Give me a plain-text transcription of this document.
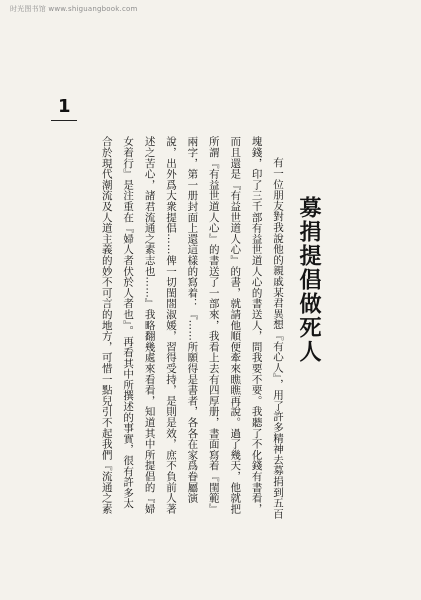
时光图书馆 www.shiguangbook.com
1
募捐提倡做死人
有一位朋友對我說他的親戚某君異想『有心人』，用了許多精神去募捐到五百
塊錢，印了三千部有益世道人心的書送人，問我要不要。我聽了不化錢有書看，
而且還是『有益世道人心』的書，就請他順便牽來瞧瞧再說。過了幾天，他就把
所謂『有益世道人心』的書送了一部來，我看上去有四厚册，書面寫着『閨範』
兩字，第一册封面上還這樣的寫着：『……所願得是書者，各各在家爲眷屬演
說，出外爲大衆提倡……俾一切閨閤淑媛，習得受持，是則是效，庶不負前人著
述之苦心，諸君流通之素志也……』我略翻幾處來看看，知道其中所提倡的『婦
女着行』是注重在『婦人者伏於人者也』。再看其中所撰述的事實，很有許多太
合於現代潮流及人道主義的妙不可言的地方，可惜一點兒引不起我們『流通之素
